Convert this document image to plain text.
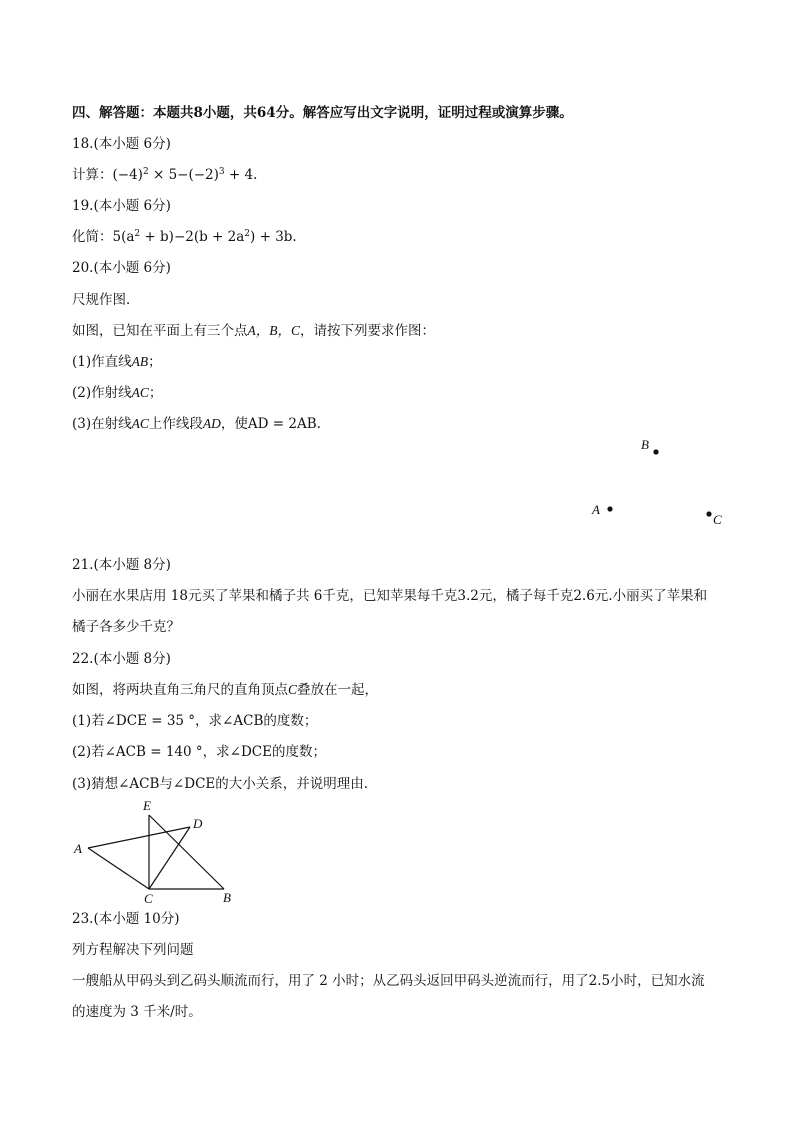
四、解答题：本题共8小题，共64分。解答应写出文字说明，证明过程或演算步骤。
18.(本小题 6分)
计算：$(-4)^2 \times 5-(-2)^3 + 4$.
19.(本小题 6分)
化简：$5(a^2 + b)-2(b + 2a^2) + 3b$.
20.(本小题 6分)
尺规作图．
如图，已知在平面上有三个点A，B，C，请按下列要求作图：
(1)作直线AB；
(2)作射线AC；
(3)在射线AC上作线段AD，使AD = 2AB.
B
A
C
21.(本小题 8分)
小丽在水果店用 18元买了苹果和橘子共 6千克，已知苹果每千克3.2元，橘子每千克2.6元.小丽买了苹果和
橘子各多少千克？
22.(本小题 8分)
如图，将两块直角三角尺的直角顶点C叠放在一起，
(1)若∠DCE = 35 °，求∠ACB的度数；
(2)若∠ACB = 140 °，求∠DCE的度数；
(3)猜想∠ACB与∠DCE的大小关系，并说明理由．
E
D
A
C	B
23.(本小题 10分)
列方程解决下列问题
一艘船从甲码头到乙码头顺流而行，用了 2 小时；从乙码头返回甲码头逆流而行，用了2.5小时，已知水流
的速度为 3 千米/时。
